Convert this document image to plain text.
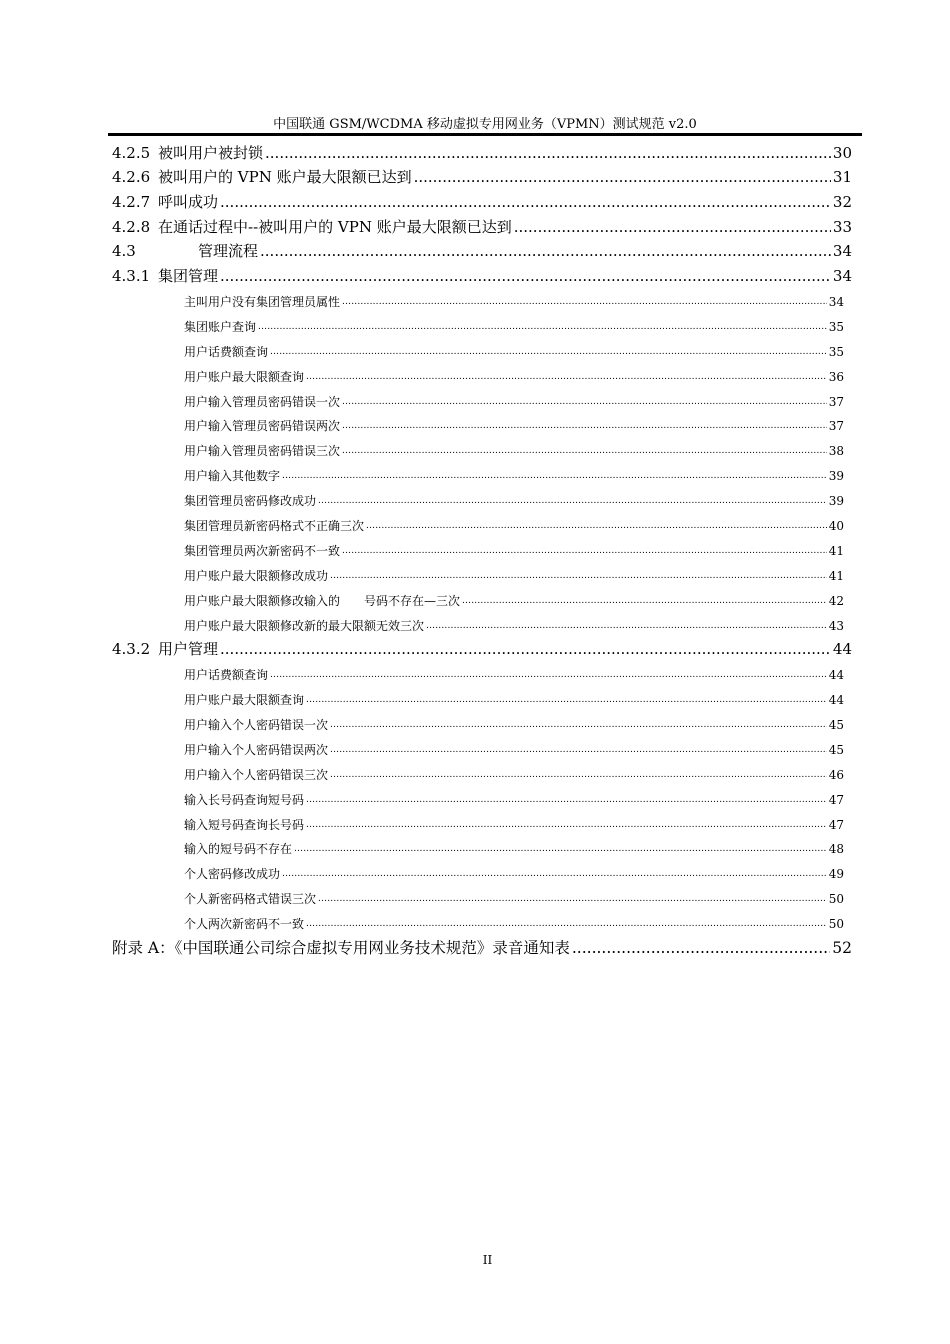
中国联通 GSM/WCDMA 移动虚拟专用网业务（VPMN）测试规范 v2.0
4.2.5 被叫用户被封锁 .....	30
4.2.6 被叫用户的 VPN 账户最大限额已达到 .....	31
4.2.7 呼叫成功 .....	32
4.2.8 在通话过程中--被叫用户的 VPN 账户最大限额已达到 .....	33
4.3	管理流程 .....	34
4.3.1 集团管理 .....	34
主叫用户没有集团管理员属性 .....	34
集团账户查询 .....	35
用户话费额查询 .....	35
用户账户最大限额查询 .....	36
用户输入管理员密码错误一次 .....	37
用户输入管理员密码错误两次 .....	37
用户输入管理员密码错误三次 .....	38
用户输入其他数字 .....	39
集团管理员密码修改成功 .....	39
集团管理员新密码格式不正确三次 .....	40
集团管理员两次新密码不一致 .....	41
用户账户最大限额修改成功 .....	41
用户账户最大限额修改输入的　　号码不存在—三次 .....	42
用户账户最大限额修改新的最大限额无效三次 .....	43
4.3.2 用户管理 .....	44
用户话费额查询 .....	44
用户账户最大限额查询 .....	44
用户输入个人密码错误一次 .....	45
用户输入个人密码错误两次 .....	45
用户输入个人密码错误三次 .....	46
输入长号码查询短号码 .....	47
输入短号码查询长号码 .....	47
输入的短号码不存在 .....	48
个人密码修改成功 .....	49
个人新密码格式错误三次 .....	50
个人两次新密码不一致 .....	50
附录 A：《中国联通公司综合虚拟专用网业务技术规范》录音通知表 .....	52
II
